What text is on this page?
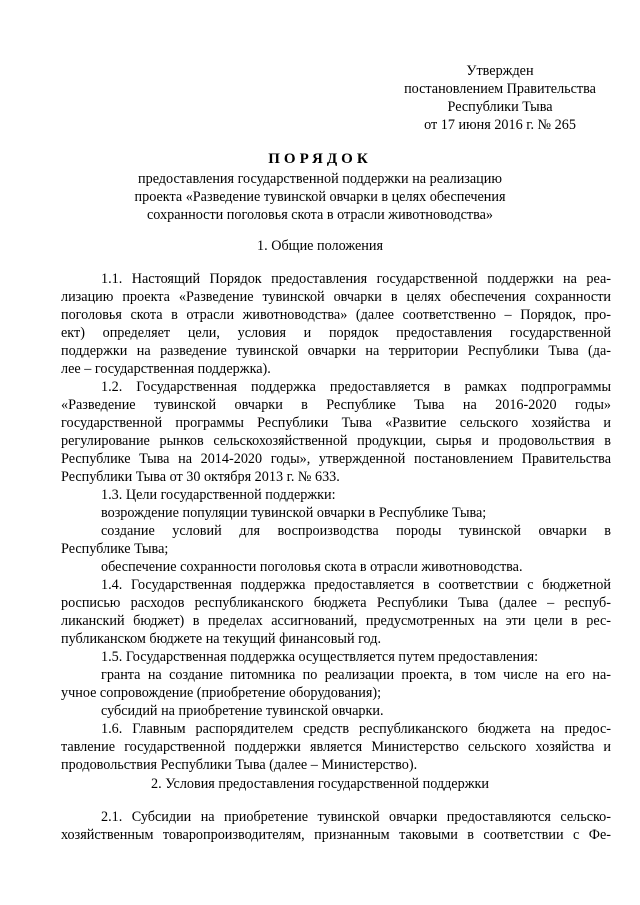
Утвержден
постановлением Правительства
Республики Тыва
от 17 июня 2016 г. № 265
ПОРЯДОК
предоставления государственной поддержки на реализацию
проекта «Разведение тувинской овчарки в целях обеспечения
сохранности поголовья скота в отрасли животноводства»
1. Общие положения
1.1. Настоящий Порядок предоставления государственной поддержки на реа-
лизацию проекта «Разведение тувинской овчарки в целях обеспечения сохранности
поголовья скота в отрасли животноводства» (далее соответственно – Порядок, про-
ект) определяет цели, условия и порядок предоставления государственной
поддержки на разведение тувинской овчарки на территории Республики Тыва (да-
лее – государственная поддержка).
1.2. Государственная поддержка предоставляется в рамках подпрограммы
«Разведение тувинской овчарки в Республике Тыва на 2016-2020 годы»
государственной программы Республики Тыва «Развитие сельского хозяйства и
регулирование рынков сельскохозяйственной продукции, сырья и продовольствия в
Республике Тыва на 2014-2020 годы», утвержденной постановлением Правительства
Республики Тыва от 30 октября 2013 г. № 633.
1.3. Цели государственной поддержки:
возрождение популяции тувинской овчарки в Республике Тыва;
создание условий для воспроизводства породы тувинской овчарки в
Республике Тыва;
обеспечение сохранности поголовья скота в отрасли животноводства.
1.4. Государственная поддержка предоставляется в соответствии с бюджетной
росписью расходов республиканского бюджета Республики Тыва (далее – респуб-
ликанский бюджет) в пределах ассигнований, предусмотренных на эти цели в рес-
публиканском бюджете на текущий финансовый год.
1.5. Государственная поддержка осуществляется путем предоставления:
гранта на создание питомника по реализации проекта, в том числе на его на-
учное сопровождение (приобретение оборудования);
субсидий на приобретение тувинской овчарки.
1.6. Главным распорядителем средств республиканского бюджета на предос-
тавление государственной поддержки является Министерство сельского хозяйства и
продовольствия Республики Тыва (далее – Министерство).
2. Условия предоставления государственной поддержки
2.1. Субсидии на приобретение тувинской овчарки предоставляются сельско-
хозяйственным товаропроизводителям, признанным таковыми в соответствии с Фе-
